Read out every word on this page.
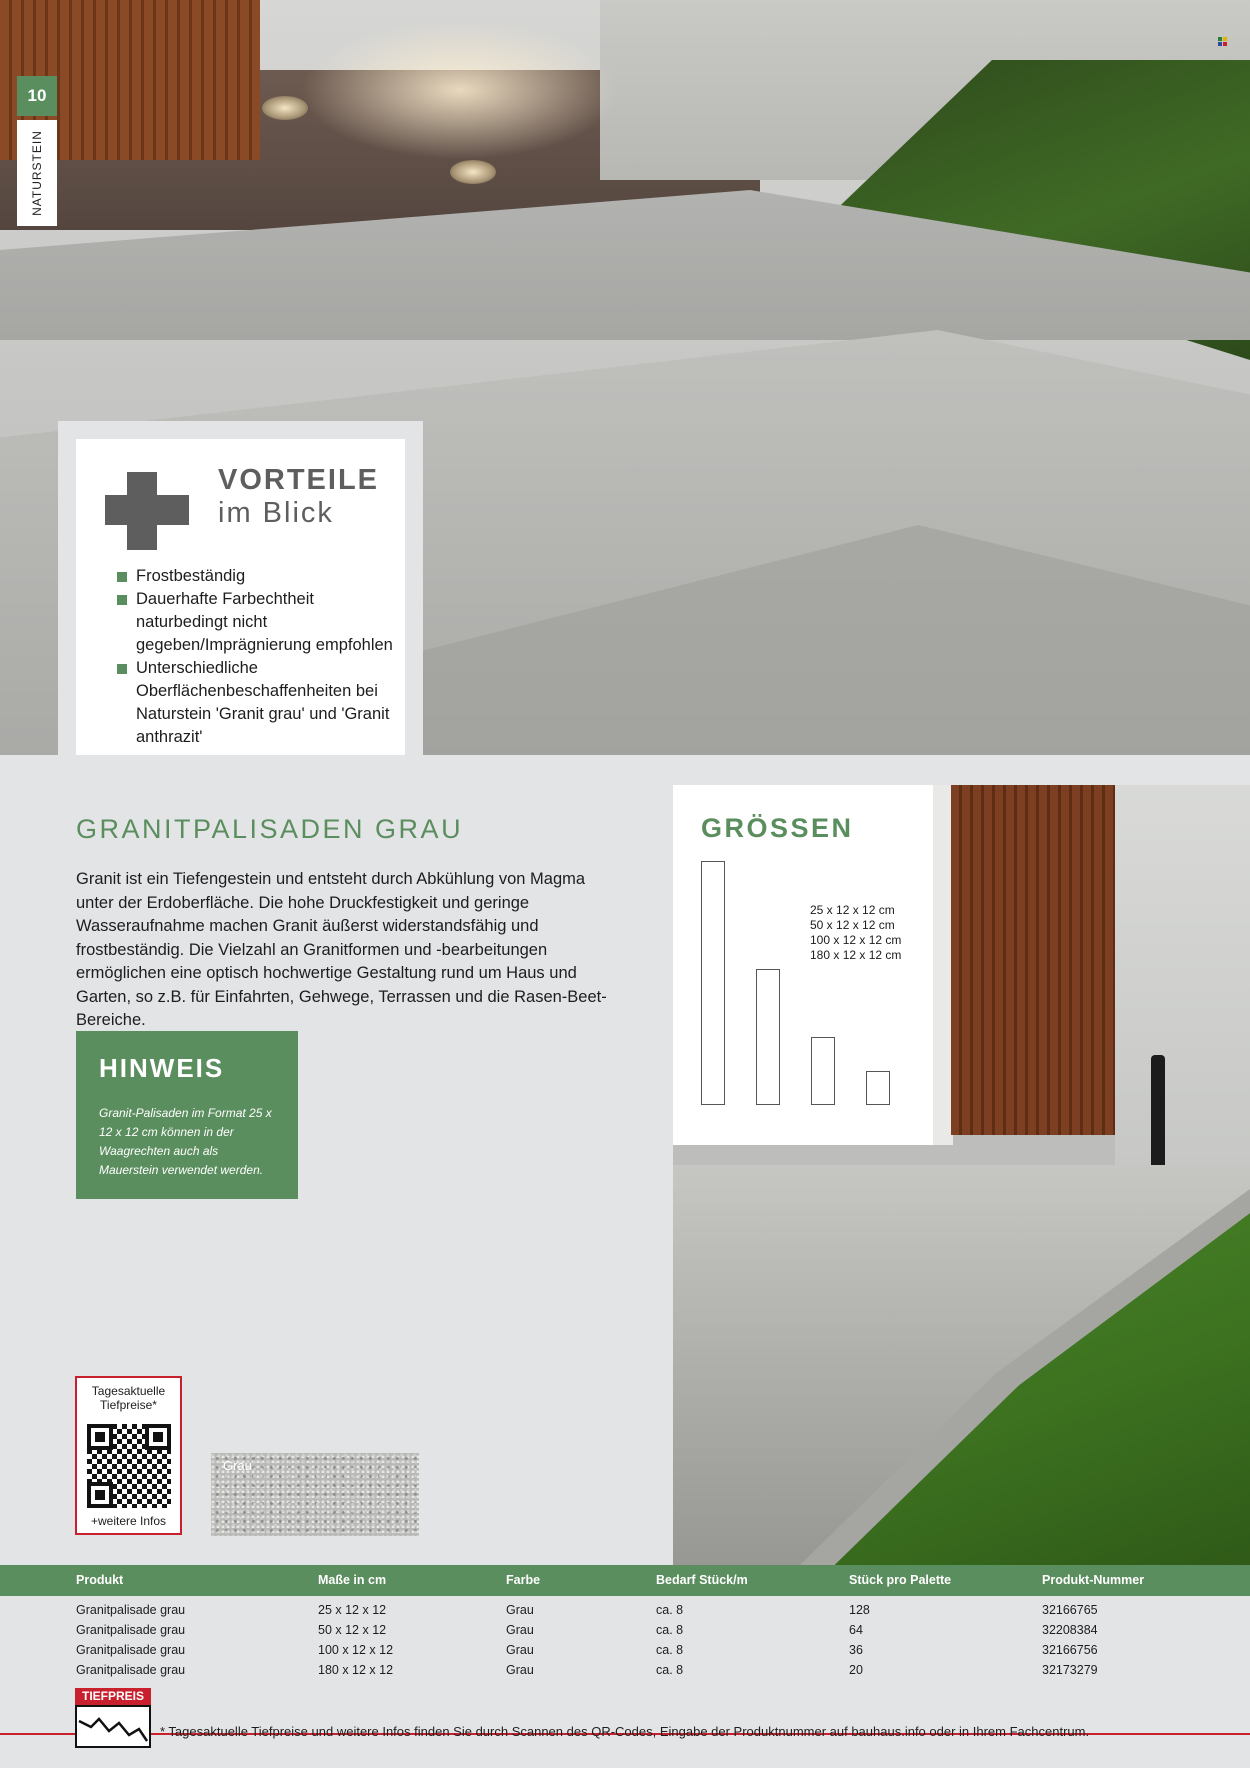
10
NATURSTEIN
VORTEILE
im Blick
Frostbeständig
Dauerhafte Farbechtheit naturbedingt nicht gegeben/Imprägnierung empfohlen
Unterschiedliche Oberflächenbeschaffenheiten bei Naturstein 'Granit grau' und 'Granit anthrazit'
GRANITPALISADEN GRAU

Granit ist ein Tiefengestein und entsteht durch Abkühlung von Magma unter der Erdoberfläche. Die hohe Druckfestigkeit und geringe Wasseraufnahme machen Granit äußerst widerstandsfähig und frostbeständig. Die Vielzahl an Granitformen und -bearbeitungen ermöglichen eine optisch hochwertige Gestaltung rund um Haus und Garten, so z.B. für Einfahrten, Gehwege, Terrassen und die Rasen-Beet-Bereiche.

HINWEIS

Granit-Palisaden im Format 25 x 12 x 12 cm können in der Waagrechten auch als Mauerstein verwendet werden.

GRÖSSEN
25 x 12 x 12 cm
50 x 12 x 12 cm
100 x 12 x 12 cm
180 x 12 x 12 cm
Tagesaktuelle Tiefpreise*
+weitere Infos
Grau
Produkt	Maße in cm	Farbe	Bedarf Stück/m	Stück pro Palette	Produkt-Nummer
Granitpalisade grau	25 x 12 x 12	Grau	ca. 8	128	32166765
Granitpalisade grau	50 x 12 x 12	Grau	ca. 8	64	32208384
Granitpalisade grau	100 x 12 x 12	Grau	ca. 8	36	32166756
Granitpalisade grau	180 x 12 x 12	Grau	ca. 8	20	32173279
TIEFPREIS
* Tagesaktuelle Tiefpreise und weitere Infos finden Sie durch Scannen des QR-Codes, Eingabe der Produktnummer auf bauhaus.info oder in Ihrem Fachcentrum.
